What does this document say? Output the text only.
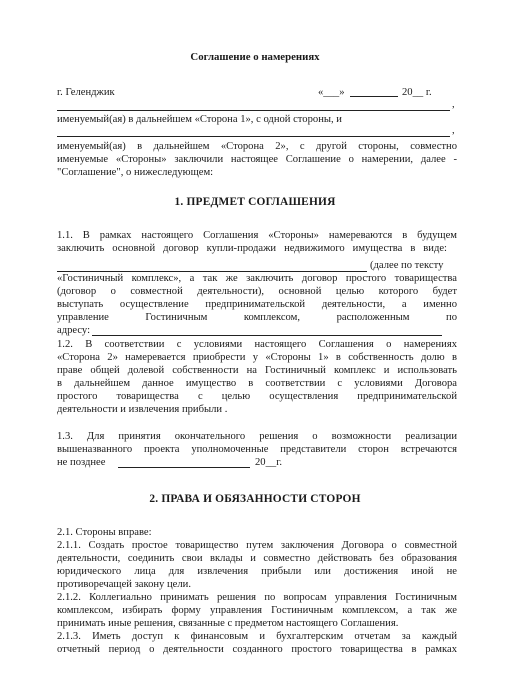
Соглашение о намерениях
г. Геленджик	«___»	20__ г.
,
именуемый(ая) в дальнейшем «Сторона 1», с одной стороны, и
,
именуемый(ая) в дальнейшем «Сторона 2», с другой стороны, совместно
именуемые «Стороны» заключили настоящее Соглашение о намерении, далее -
"Соглашение", о нижеследующем:
1. ПРЕДМЕТ СОГЛАШЕНИЯ
1.1. В рамках настоящего Соглашения «Стороны» намереваются в будущем
заключить основной договор купли-продажи недвижимого имущества в виде:
(далее по тексту
«Гостиничный комплекс», а так же заключить договор простого товарищества
(договор о совместной деятельности), основной целью которого будет
выступать осуществление предпринимательской деятельности, а именно
управление Гостиничным комплексом, расположенным по
адресу:
1.2. В соответствии с условиями настоящего Соглашения о намерениях
«Сторона 2» намеревается приобрести у «Стороны 1» в собственность долю в
праве общей долевой собственности на Гостиничный комплекс и использовать
в дальнейшем данное имущество в соответствии с условиями Договора
простого товарищества с целью осуществления предпринимательской
деятельности и извлечения прибыли .
1.3. Для принятия окончательного решения о возможности реализации
вышеназванного проекта уполномоченные представители сторон встречаются
не позднее	20__г.
2. ПРАВА И ОБЯЗАННОСТИ СТОРОН
2.1. Стороны вправе:
2.1.1. Создать простое товарищество путем заключения Договора о совместной
деятельности, соединить свои вклады и совместно действовать без образования
юридического лица для извлечения прибыли или достижения иной не
противоречащей закону цели.
2.1.2. Коллегиально принимать решения по вопросам управления Гостиничным
комплексом, избирать форму управления Гостиничным комплексом, а так же
принимать иные решения, связанные с предметом настоящего Соглашения.
2.1.3. Иметь доступ к финансовым и бухгалтерским отчетам за каждый
отчетный период о деятельности созданного простого товарищества в рамках
